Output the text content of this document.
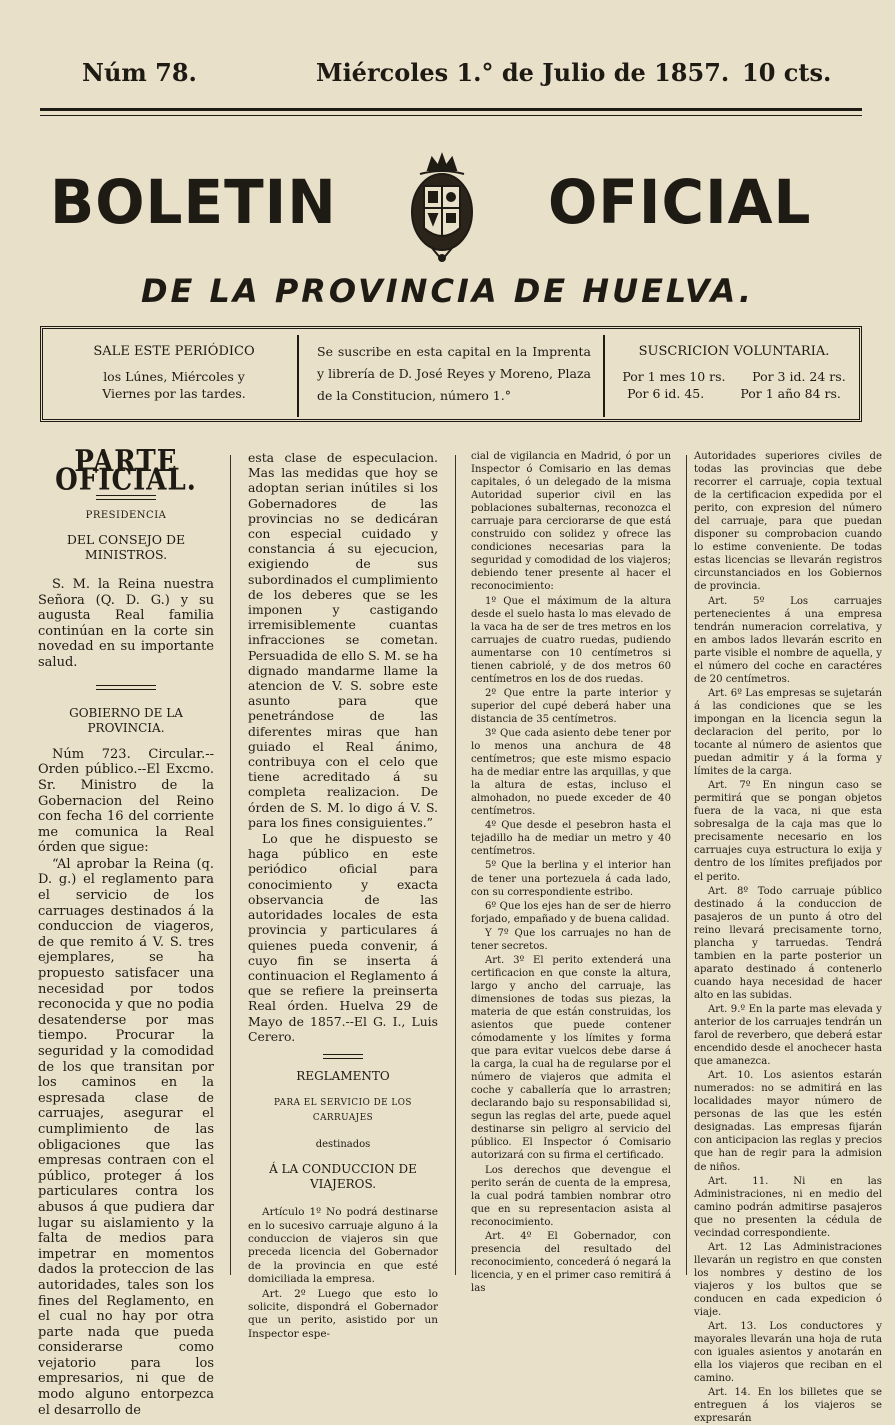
Núm 78.	Miércoles 1.° de Julio de 1857. 10 cts.
BOLETIN	OFICIAL
DE LA PROVINCIA DE HUELVA.
SALE ESTE PERIÓDICO
los Lúnes, Miércoles y Viernes por las tardes.
Se suscribe en esta capital en la Imprenta y librería de D. José Reyes y Moreno, Plaza de la Constitucion, número 1.°
SUSCRICION VOLUNTARIA.
Por 1 mes 10 rs. Por 3 id. 24 rs.
Por 6 id. 45.	Por 1 año 84 rs.
PARTE OFICIAL.

PRESIDENCIA

DEL CONSEJO DE MINISTROS.

S. M. la Reina nuestra Señora (Q. D. G.) y su augusta Real familia continúan en la corte sin novedad en su importante salud.

GOBIERNO DE LA PROVINCIA.

Núm 723. Circular.--Orden público.--El Excmo. Sr. Ministro de la Gobernacion del Reino con fecha 16 del corriente me comunica la Real órden que sigue:

“Al aprobar la Reina (q. D. g.) el reglamento para el servicio de los carruages destinados á la conduccion de viageros, de que remito á V. S. tres ejemplares, se ha propuesto satisfacer una necesidad por todos reconocida y que no podia desatenderse por mas tiempo. Procurar la seguridad y la comodidad de los que transitan por los caminos en la espresada clase de carruajes, asegurar el cumplimiento de las obligaciones que las empresas contraen con el público, proteger á los particulares contra los abusos á que pudiera dar lugar su aislamiento y la falta de medios para impetrar en momentos dados la proteccion de las autoridades, tales son los fines del Reglamento, en el cual no hay por otra parte nada que pueda considerarse como vejatorio para los empresarios, ni que de modo alguno entorpezca el desarrollo de

esta clase de especulacion. Mas las medidas que hoy se adoptan serian inútiles si los Gobernadores de las provincias no se dedicáran con especial cuidado y constancia á su ejecucion, exigiendo de sus subordinados el cumplimiento de los deberes que se les imponen y castigando irremisiblemente cuantas infracciones se cometan. Persuadida de ello S. M. se ha dignado mandarme llame la atencion de V. S. sobre este asunto para que penetrándose de las diferentes miras que han guiado el Real ánimo, contribuya con el celo que tiene acreditado á su completa realizacion. De órden de S. M. lo digo á V. S. para los fines consiguientes.”

Lo que he dispuesto se haga público en este periódico oficial para conocimiento y exacta observancia de las autoridades locales de esta provincia y particulares á quienes pueda convenir, á cuyo fin se inserta á continuacion el Reglamento á que se refiere la preinserta Real órden. Huelva 29 de Mayo de 1857.--El G. I., Luis Cerero.

REGLAMENTO

PARA EL SERVICIO DE LOS CARRUAJES

destinados

Á LA CONDUCCION DE VIAJEROS.

Artículo 1º No podrá destinarse en lo sucesivo carruaje alguno á la conduccion de viajeros sin que preceda licencia del Gobernador de la provincia en que esté domiciliada la empresa.

Art. 2º Luego que esto lo solicite, dispondrá el Gobernador que un perito, asistido por un Inspector espe-

cial de vigilancia en Madrid, ó por un Inspector ó Comisario en las demas capitales, ó un delegado de la misma Autoridad superior civil en las poblaciones subalternas, reconozca el carruaje para cerciorarse de que está construido con solidez y ofrece las condiciones necesarias para la seguridad y comodidad de los viajeros; debiendo tener presente al hacer el reconocimiento:

1º Que el máximum de la altura desde el suelo hasta lo mas elevado de la vaca ha de ser de tres metros en los carruajes de cuatro ruedas, pudiendo aumentarse con 10 centímetros si tienen cabriolé, y de dos metros 60 centímetros en los de dos ruedas.

2º Que entre la parte interior y superior del cupé deberá haber una distancia de 35 centímetros.

3º Que cada asiento debe tener por lo menos una anchura de 48 centímetros; que este mismo espacio ha de mediar entre las arquillas, y que la altura de estas, incluso el almohadon, no puede exceder de 40 centímetros.

4º Que desde el pesebron hasta el tejadillo ha de mediar un metro y 40 centímetros.

5º Que la berlina y el interior han de tener una portezuela á cada lado, con su correspondiente estribo.

6º Que los ejes han de ser de hierro forjado, empañado y de buena calidad.

Y 7º Que los carruajes no han de tener secretos.

Art. 3º El perito extenderá una certificacion en que conste la altura, largo y ancho del carruaje, las dimensiones de todas sus piezas, la materia de que están construidas, los asientos que puede contener cómodamente y los límites y forma que para evitar vuelcos debe darse á la carga, la cual ha de regularse por el número de viajeros que admita el coche y caballería que lo arrastren; declarando bajo su responsabilidad si, segun las reglas del arte, puede aquel destinarse sin peligro al servicio del público. El Inspector ó Comisario autorizará con su firma el certificado.

Los derechos que devengue el perito serán de cuenta de la empresa, la cual podrá tambien nombrar otro que en su representacion asista al reconocimiento.

Art. 4º El Gobernador, con presencia del resultado del reconocimiento, concederá ó negará la licencia, y en el primer caso remitirá á las

Autoridades superiores civiles de todas las provincias que debe recorrer el carruaje, copia textual de la certificacion expedida por el perito, con expresion del número del carruaje, para que puedan disponer su comprobacion cuando lo estime conveniente. De todas estas licencias se llevarán registros circunstanciados en los Gobiernos de provincia.

Art. 5º Los carruajes pertenecientes á una empresa tendrán numeracion correlativa, y en ambos lados llevarán escrito en parte visible el nombre de aquella, y el número del coche en caractéres de 20 centímetros.

Art. 6º Las empresas se sujetarán á las condiciones que se les impongan en la licencia segun la declaracion del perito, por lo tocante al número de asientos que puedan admitir y á la forma y límites de la carga.

Art. 7º En ningun caso se permitirá que se pongan objetos fuera de la vaca, ni que esta sobresalga de la caja mas que lo precisamente necesario en los carruajes cuya estructura lo exija y dentro de los límites prefijados por el perito.

Art. 8º Todo carruaje público destinado á la conduccion de pasajeros de un punto á otro del reino llevará precisamente torno, plancha y tarruedas. Tendrá tambien en la parte posterior un aparato destinado á contenerlo cuando haya necesidad de hacer alto en las subidas.

Art. 9.º En la parte mas elevada y anterior de los carruajes tendrán un farol de reverbero, que deberá estar encendido desde el anochecer hasta que amanezca.

Art. 10. Los asientos estarán numerados: no se admitirá en las localidades mayor número de personas de las que les estén designadas. Las empresas fijarán con anticipacion las reglas y precios que han de regir para la admision de niños.

Art. 11. Ni en las Administraciones, ni en medio del camino podrán admitirse pasajeros que no presenten la cédula de vecindad correspondiente.

Art. 12 Las Administraciones llevarán un registro en que consten los nombres y destino de los viajeros y los bultos que se conducen en cada expedicion ó viaje.

Art. 13. Los conductores y mayorales llevarán una hoja de ruta con iguales asientos y anotarán en ella los viajeros que reciban en el camino.

Art. 14. En los billetes que se entreguen á los viajeros se expresarán
